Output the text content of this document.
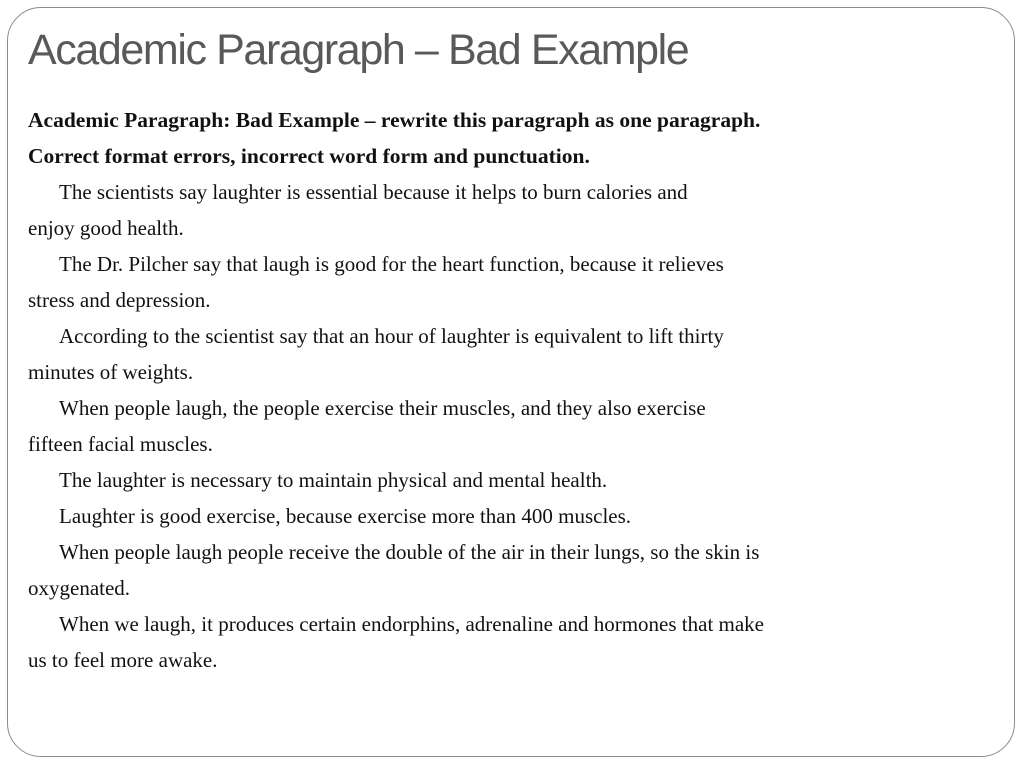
Academic Paragraph – Bad Example
Academic Paragraph: Bad Example – rewrite this paragraph as one paragraph.
Correct format errors, incorrect word form and punctuation.
The scientists say laughter is essential because it helps to burn calories and
enjoy good health.
The Dr. Pilcher say that laugh is good for the heart function, because it relieves
stress and depression.
According to the scientist say that an hour of laughter is equivalent to lift thirty
minutes of weights.
When people laugh, the people exercise their muscles, and they also exercise
fifteen facial muscles.
The laughter is necessary to maintain physical and mental health.
Laughter is good exercise, because exercise more than 400 muscles.
When people laugh people receive the double of the air in their lungs, so the skin is
oxygenated.
When we laugh, it produces certain endorphins, adrenaline and hormones that make
us to feel more awake.
